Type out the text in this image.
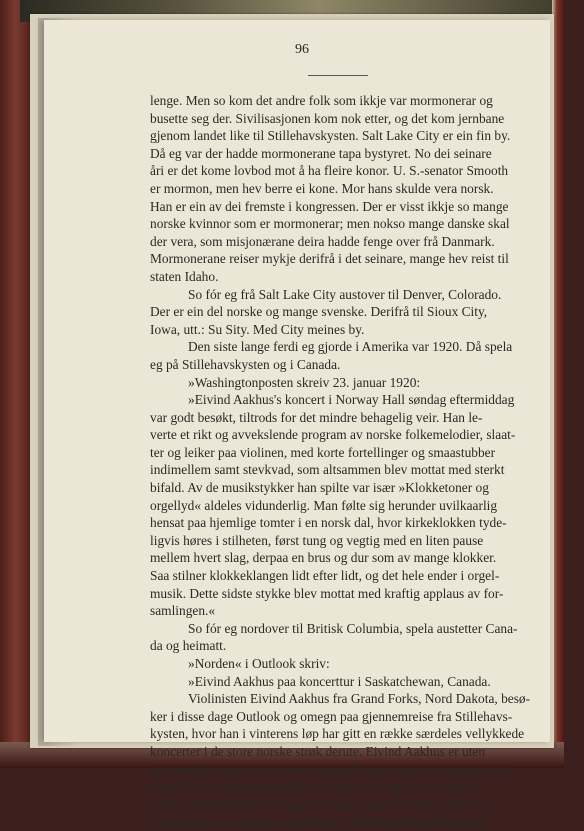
96
lenge. Men so kom det andre folk som ikkje var mormonerar og
busette seg der. Sivilisasjonen kom nok etter, og det kom jernbane
gjenom landet like til Stillehavskysten. Salt Lake City er ein fin by.
Då eg var der hadde mormonerane tapa bystyret. No dei seinare
åri er det kome lovbod mot å ha fleire konor. U. S.-senator Smooth
er mormon, men hev berre ei kone. Mor hans skulde vera norsk.
Han er ein av dei fremste i kongressen. Der er visst ikkje so mange
norske kvinnor som er mormonerar; men nokso mange danske skal
der vera, som misjonærane deira hadde fenge over frå Danmark.
Mormonerane reiser mykje derifrå i det seinare, mange hev reist til
staten Idaho.
So fór eg frå Salt Lake City austover til Denver, Colorado.
Der er ein del norske og mange svenske. Derifrå til Sioux City,
Iowa, utt.: Su Sity. Med City meines by.
Den siste lange ferdi eg gjorde i Amerika var 1920. Då spela
eg på Stillehavskysten og i Canada.
»Washingtonposten skreiv 23. januar 1920:
»Eivind Aakhus's koncert i Norway Hall søndag eftermiddag
var godt besøkt, tiltrods for det mindre behagelig veir. Han le-
verte et rikt og avvekslende program av norske folkemelodier, slaat-
ter og leiker paa violinen, med korte fortellinger og smaastubber
indimellem samt stevkvad, som altsammen blev mottat med sterkt
bifald. Av de musikstykker han spilte var især »Klokketoner og
orgellyd« aldeles vidunderlig. Man følte sig herunder uvilkaarlig
hensat paa hjemlige tomter i en norsk dal, hvor kirkeklokken tyde-
ligvis høres i stilheten, først tung og vegtig med en liten pause
mellem hvert slag, derpaa en brus og dur som av mange klokker.
Saa stilner klokkeklangen lidt efter lidt, og det hele ender i orgel-
musik. Dette sidste stykke blev mottat med kraftig applaus av for-
samlingen.«
So fór eg nordover til Britisk Columbia, spela austetter Cana-
da og heimatt.
»Norden« i Outlook skriv:
»Eivind Aakhus paa koncerttur i Saskatchewan, Canada.
Violinisten Eivind Aakhus fra Grand Forks, Nord Dakota, besø-
ker i disse dage Outlook og omegn paa gjennemreise fra Stillehavs-
kysten, hvor han i vinterens løp har gitt en række særdeles vellykkede
koncerter i de store norske strøk derute. Eivind Aakhus er uten
sammenligning en av de mest bekjendte nulevende hardangerviolin-
ister. Han har dyrket musikken i mange aar, og det er knapt et
norsk settlement eller en bygd i Norge, som hr. Aakhus ikke har
besøkt paa sine mange konsertturer. Sidste høst besøkte han de
